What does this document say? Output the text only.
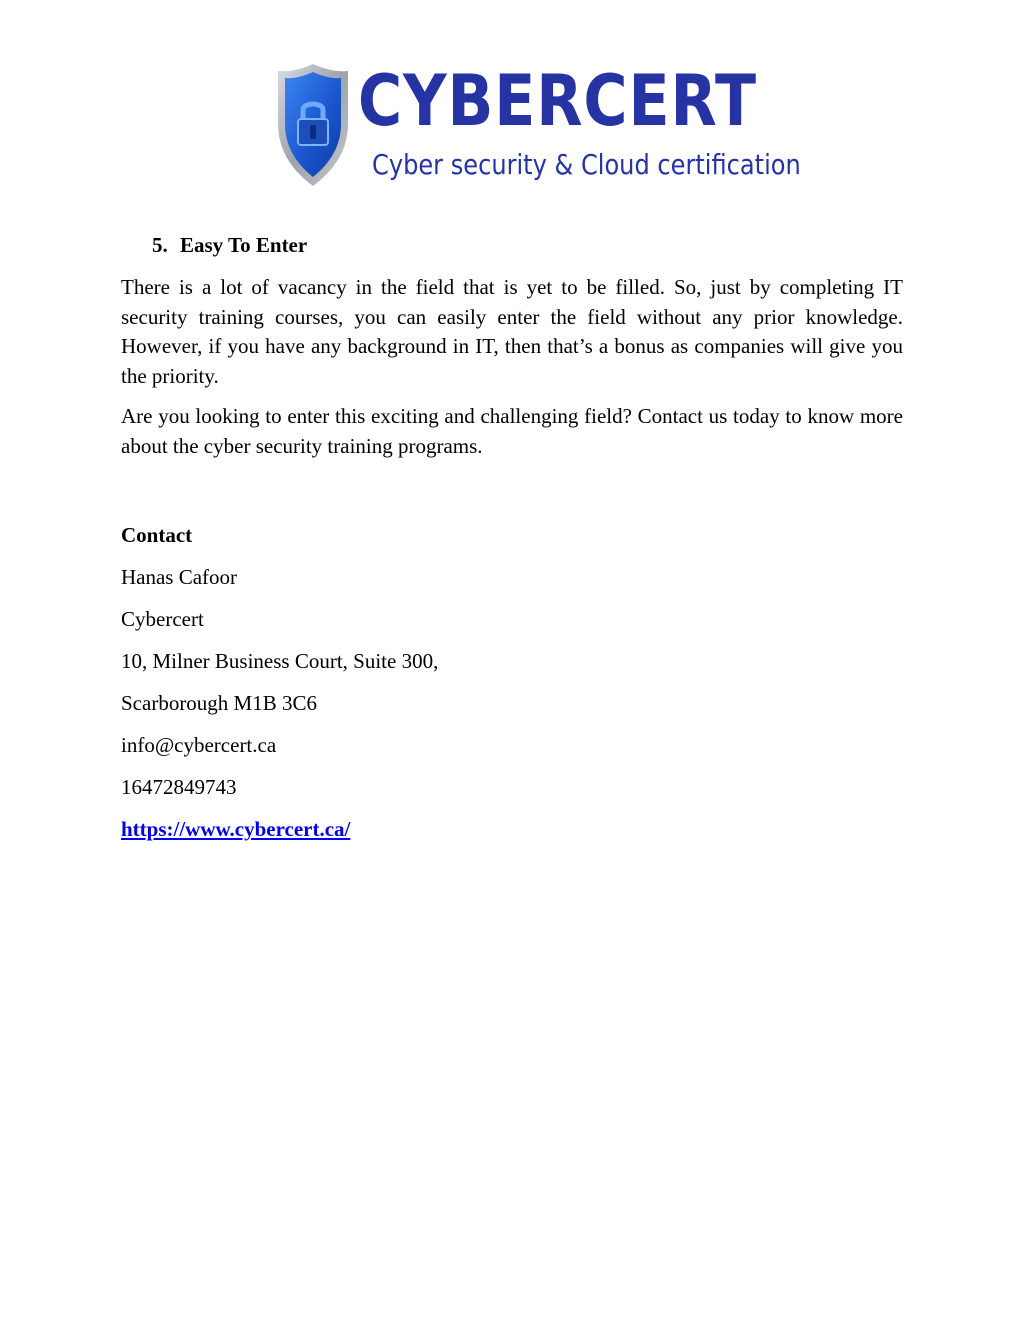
CYBERCERT
Cyber security & Cloud certification
5. Easy To Enter

There is a lot of vacancy in the field that is yet to be filled. So, just by completing IT security training courses, you can easily enter the field without any prior knowledge. However, if you have any background in IT, then that’s a bonus as companies will give you the priority.

Are you looking to enter this exciting and challenging field? Contact us today to know more about the cyber security training programs.

Contact
Hanas Cafoor
Cybercert
10, Milner Business Court, Suite 300,
Scarborough M1B 3C6
info@cybercert.ca
16472849743
https://www.cybercert.ca/
